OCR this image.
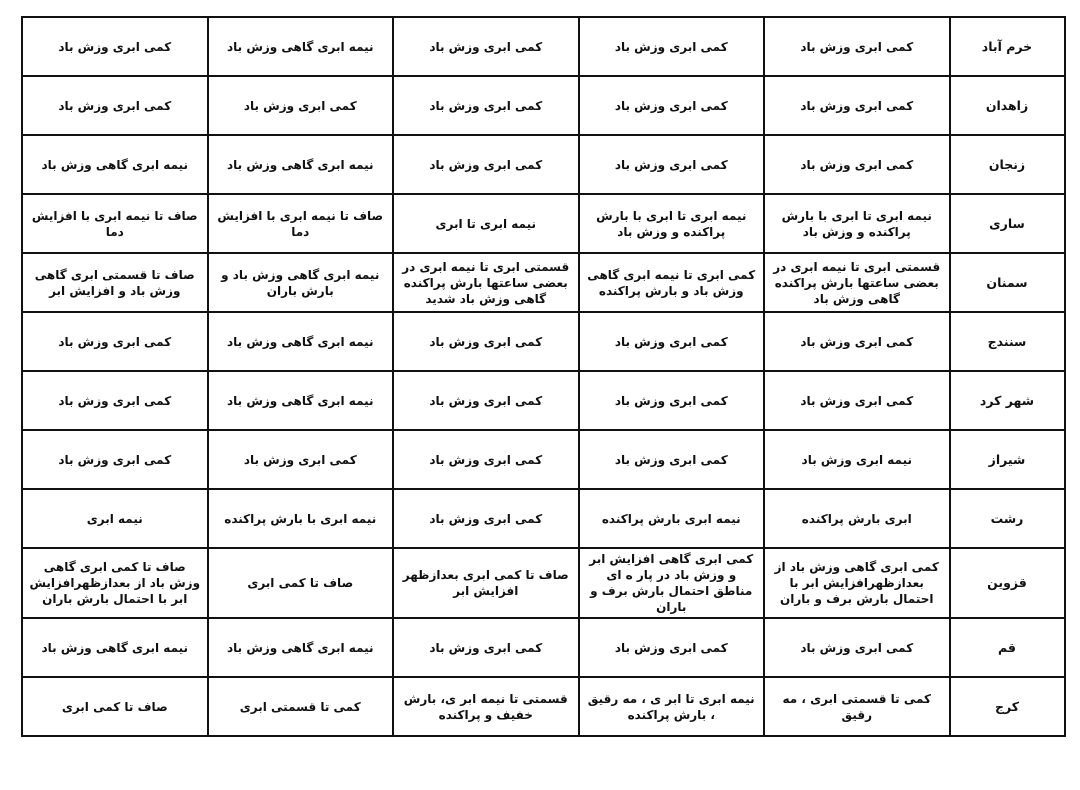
خرم آباد	کمی ابری وزش باد	کمی ابری وزش باد	کمی ابری وزش باد	نیمه ابری گاهی وزش باد	کمی ابری وزش باد
زاهدان	کمی ابری وزش باد	کمی ابری وزش باد	کمی ابری وزش باد	کمی ابری وزش باد	کمی ابری وزش باد
زنجان	کمی ابری وزش باد	کمی ابری وزش باد	کمی ابری وزش باد	نیمه ابری گاهی وزش باد	نیمه ابری گاهی وزش باد
ساری	نیمه ابری تا ابری با بارش پراکنده و وزش باد	نیمه ابری تا ابری با بارش پراکنده و وزش باد	نیمه ابری تا ابری	صاف تا نیمه ابری با افزایش دما	صاف تا نیمه ابری با افزایش دما
سمنان	قسمتی ابری تا نیمه ابری در بعضی ساعتها بارش پراکنده گاهی وزش باد	کمی ابری تا نیمه ابری گاهی وزش باد و بارش پراکنده	قسمتی ابری تا نیمه ابری در بعضی ساعتها بارش پراکنده گاهی وزش باد شدید	نیمه ابری گاهی وزش باد و بارش باران	صاف تا قسمتی ابری گاهی وزش باد و افزایش ابر
سنندج	کمی ابری وزش باد	کمی ابری وزش باد	کمی ابری وزش باد	نیمه ابری گاهی وزش باد	کمی ابری وزش باد
شهر کرد	کمی ابری وزش باد	کمی ابری وزش باد	کمی ابری وزش باد	نیمه ابری گاهی وزش باد	کمی ابری وزش باد
شیراز	نیمه ابری وزش باد	کمی ابری وزش باد	کمی ابری وزش باد	کمی ابری وزش باد	کمی ابری وزش باد
رشت	ابری بارش پراکنده	نیمه ابری بارش پراکنده	کمی ابری وزش باد	نیمه ابری با بارش پراکنده	نیمه ابری
قزوین	کمی ابری گاهی وزش باد از بعدازظهرافزایش ابر با احتمال بارش برف و باران	کمی ابری گاهی افزایش ابر و وزش باد در پار ه ای مناطق احتمال بارش برف و باران	صاف تا کمی ابری بعدازظهر افزایش ابر	صاف تا کمی ابری	صاف تا کمی ابری گاهی وزش باد از بعدازظهرافزایش ابر با احتمال بارش باران
قم	کمی ابری وزش باد	کمی ابری وزش باد	کمی ابری وزش باد	نیمه ابری گاهی وزش باد	نیمه ابری گاهی وزش باد
کرج	کمی تا قسمتی ابری ، مه رقیق	نیمه ابری تا ابر ی ، مه رقیق ، بارش پراکنده	قسمتی تا نیمه ابر ی، بارش خفیف و پراکنده	کمی تا قسمتی ابری	صاف تا کمی ابری
